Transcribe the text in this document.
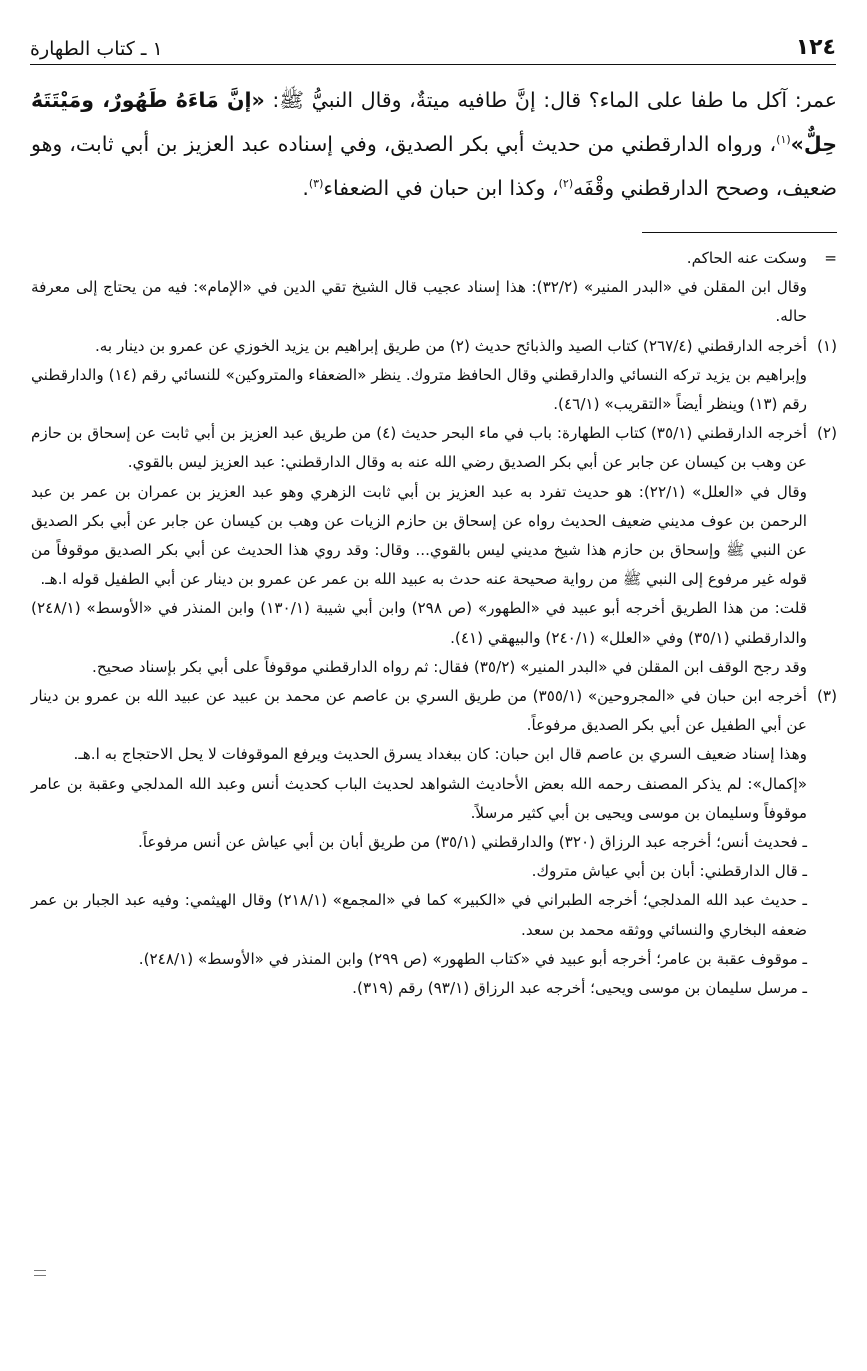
١٢٤
١ ـ كتاب الطهارة

عمر: آكل ما طفا على الماء؟ قال: إنَّ طافيه ميتةٌ، وقال النبيُّ ﷺ: «إنَّ مَاءَهُ طَهُورٌ، ومَيْتَتَهُ حِلٌّ»$^{(١)}$، ورواه الدارقطني من حديث أبي بكر الصديق، وفي إسناده عبد العزيز بن أبي ثابت، وهو ضعيف، وصحح الدارقطني وقْفَه$^{(٢)}$، وكذا ابن حبان في الضعفاء$^{(٣)}$.

=

وسكت عنه الحاكم.

وقال ابن المقلن في «البدر المنير» (٣٢/٢): هذا إسناد عجيب قال الشيخ تقي الدين في «الإمام»: فيه من يحتاج إلى معرفة حاله.

(١)

أخرجه الدارقطني (٢٦٧/٤) كتاب الصيد والذبائح حديث (٢) من طريق إبراهيم بن يزيد الخوزي عن عمرو بن دينار به.

وإبراهيم بن يزيد تركه النسائي والدارقطني وقال الحافظ متروك. ينظر «الضعفاء والمتروكين» للنسائي رقم (١٤) والدارقطني رقم (١٣) وينظر أيضاً «التقريب» (٤٦/١).

(٢)

أخرجه الدارقطني (٣٥/١) كتاب الطهارة: باب في ماء البحر حديث (٤) من طريق عبد العزيز بن أبي ثابت عن إسحاق بن حازم عن وهب بن كيسان عن جابر عن أبي بكر الصديق رضي الله عنه به وقال الدارقطني: عبد العزيز ليس بالقوي.

وقال في «العلل» (٢٢/١): هو حديث تفرد به عبد العزيز بن أبي ثابت الزهري وهو عبد العزيز بن عمران بن عمر بن عبد الرحمن بن عوف مديني ضعيف الحديث رواه عن إسحاق بن حازم الزيات عن وهب بن كيسان عن جابر عن أبي بكر الصديق عن النبي ﷺ وإسحاق بن حازم هذا شيخ مديني ليس بالقوي... وقال: وقد روي هذا الحديث عن أبي بكر الصديق موقوفاً من قوله غير مرفوع إلى النبي ﷺ من رواية صحيحة عنه حدث به عبيد الله بن عمر عن عمرو بن دينار عن أبي الطفيل قوله ا.هـ.

قلت: من هذا الطريق أخرجه أبو عبيد في «الطهور» (ص ٢٩٨) وابن أبي شيبة (١٣٠/١) وابن المنذر في «الأوسط» (٢٤٨/١) والدارقطني (٣٥/١) وفي «العلل» (٢٤٠/١) والبيهقي (٤١).

وقد رجح الوقف ابن المقلن في «البدر المنير» (٣٥/٢) فقال: ثم رواه الدارقطني موقوفاً على أبي بكر بإسناد صحيح.

(٣)

أخرجه ابن حبان في «المجروحين» (٣٥٥/١) من طريق السري بن عاصم عن محمد بن عبيد عن عبيد الله بن عمرو بن دينار عن أبي الطفيل عن أبي بكر الصديق مرفوعاً.

وهذا إسناد ضعيف السري بن عاصم قال ابن حبان: كان ببغداد يسرق الحديث ويرفع الموقوفات لا يحل الاحتجاج به ا.هـ.

«إكمال»: لم يذكر المصنف رحمه الله بعض الأحاديث الشواهد لحديث الباب كحديث أنس وعبد الله المدلجي وعقبة بن عامر موقوفاً وسليمان بن موسى ويحيى بن أبي كثير مرسلاً.

ـ فحديث أنس؛ أخرجه عبد الرزاق (٣٢٠) والدارقطني (٣٥/١) من طريق أبان بن أبي عياش عن أنس مرفوعاً.

ـ قال الدارقطني: أبان بن أبي عياش متروك.

ـ حديث عبد الله المدلجي؛ أخرجه الطبراني في «الكبير» كما في «المجمع» (٢١٨/١) وقال الهيثمي: وفيه عبد الجبار بن عمر ضعفه البخاري والنسائي ووثقه محمد بن سعد.

ـ موقوف عقبة بن عامر؛ أخرجه أبو عبيد في «كتاب الطهور» (ص ٢٩٩) وابن المنذر في «الأوسط» (٢٤٨/١).

ـ مرسل سليمان بن موسى ويحيى؛ أخرجه عبد الرزاق (٩٣/١) رقم (٣١٩).
